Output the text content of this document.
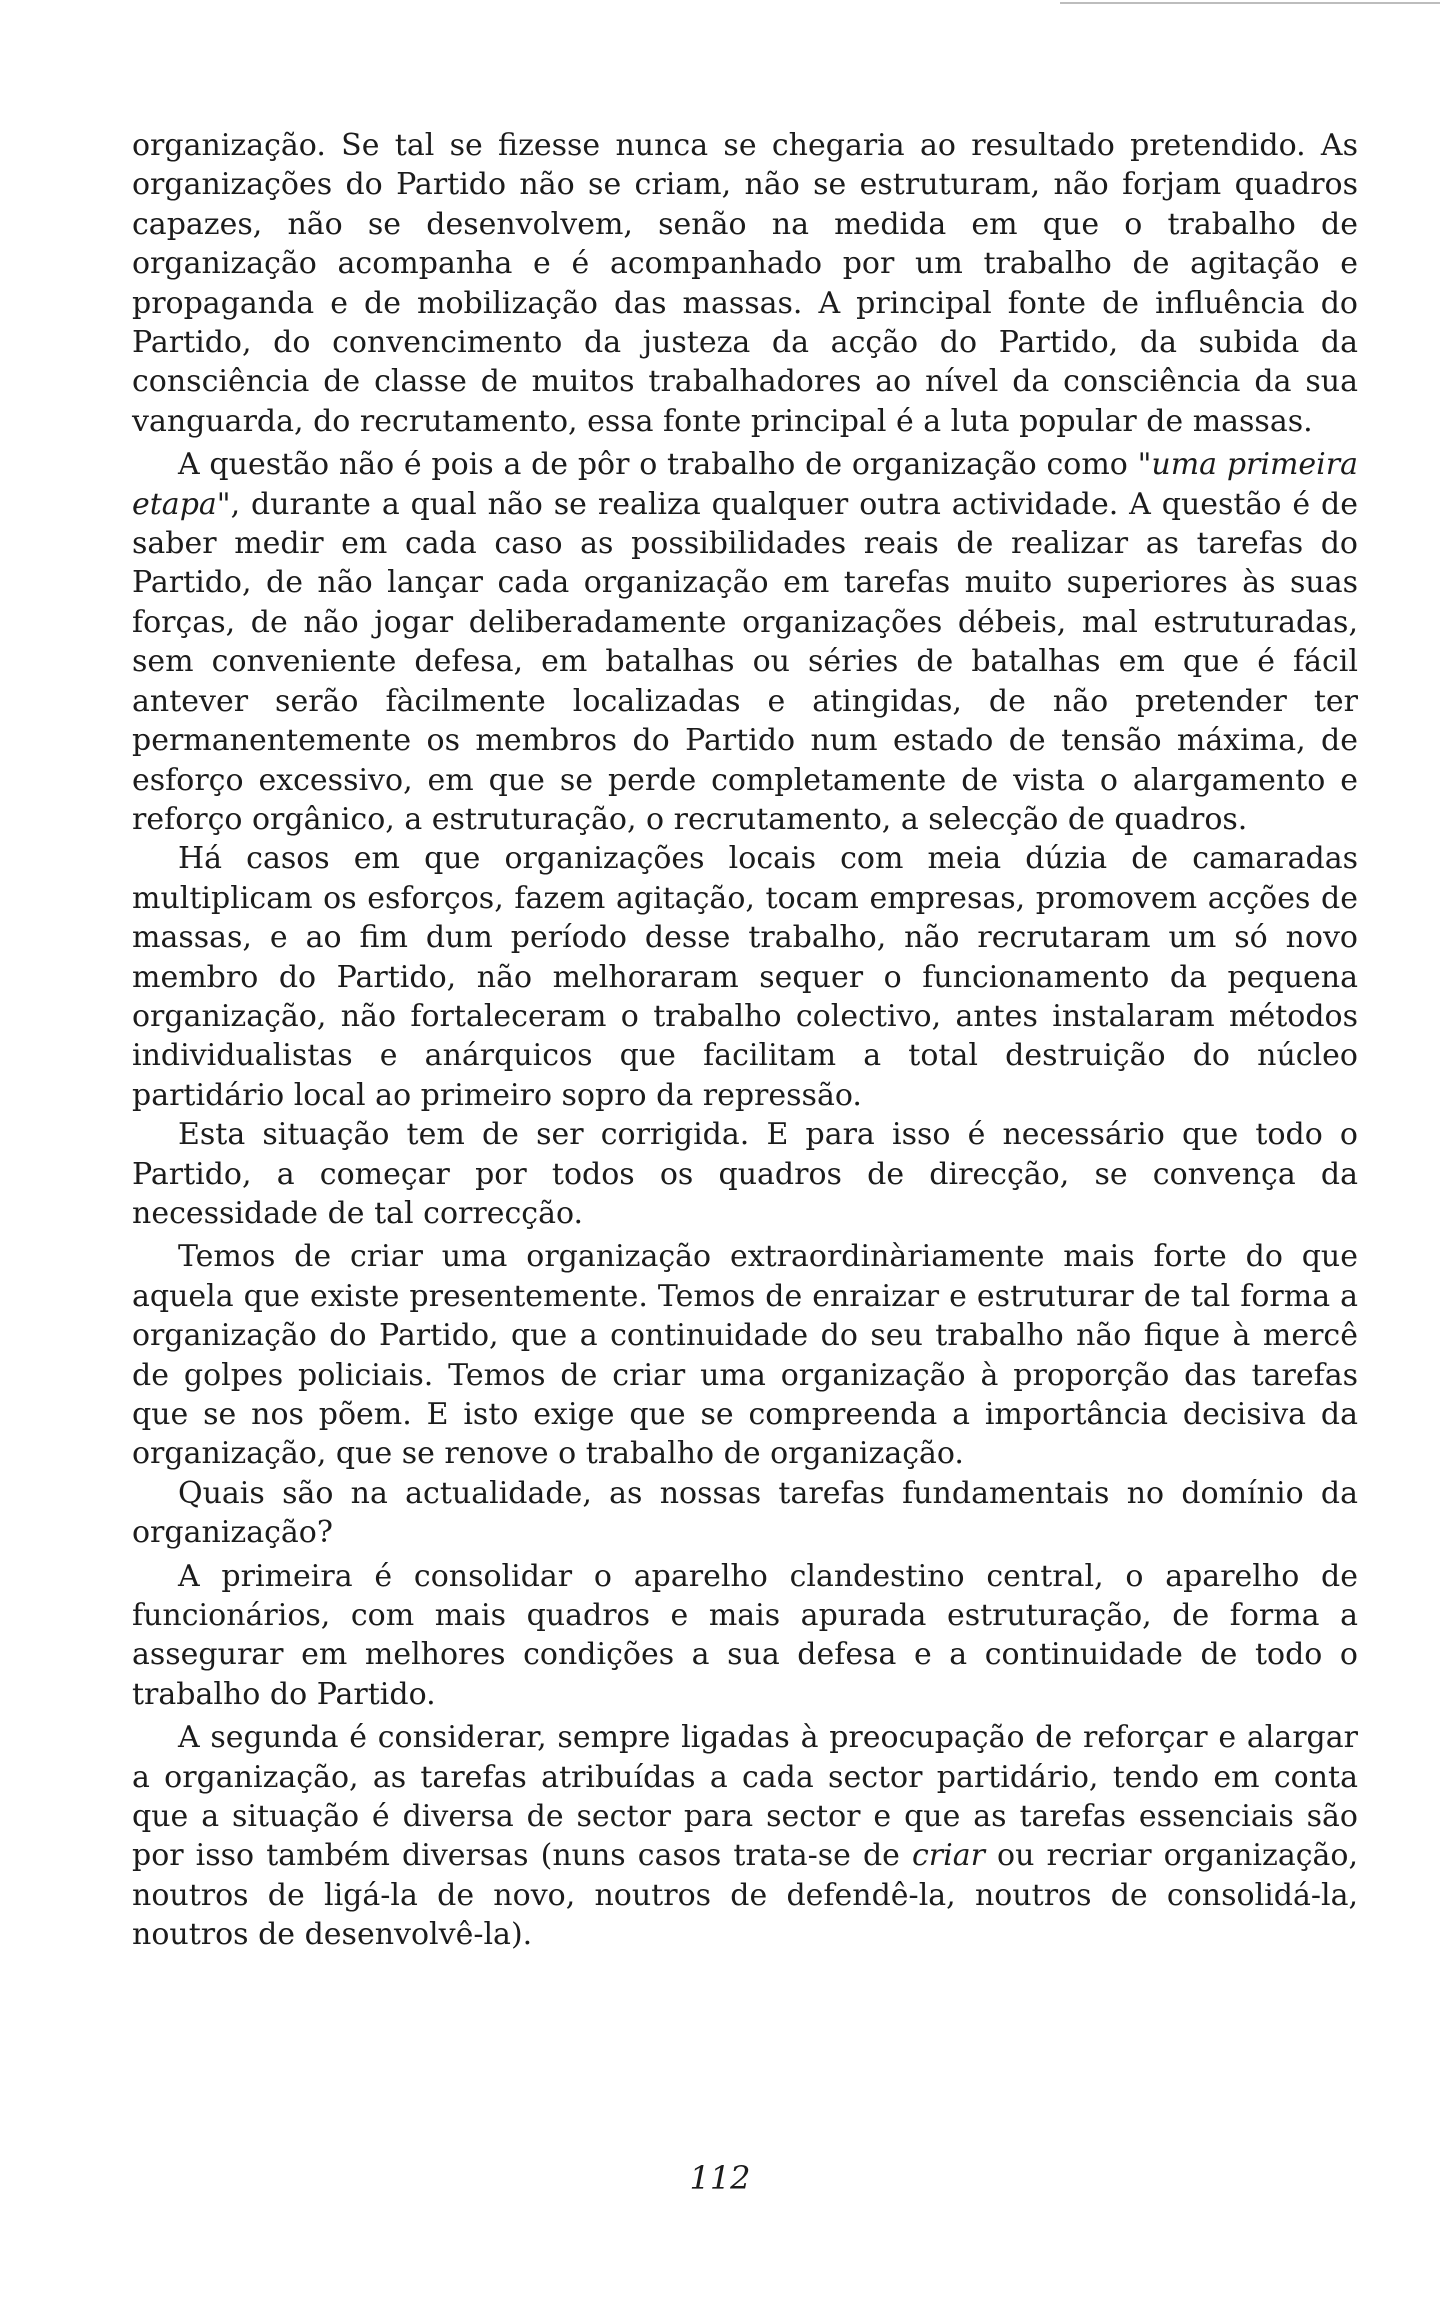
organização. Se tal se fizesse nunca se chegaria ao resultado pretendido. As organizações do Partido não se criam, não se estruturam, não forjam quadros capazes, não se desenvolvem, senão na medida em que o trabalho de organização acompanha e é acompanhado por um trabalho de agitação e propaganda e de mobilização das massas. A principal fonte de influência do Partido, do convencimento da justeza da acção do Partido, da subida da consciência de classe de muitos trabalhadores ao nível da consciência da sua vanguarda, do recrutamento, essa fonte principal é a luta popular de massas.

A questão não é pois a de pôr o trabalho de organização como "uma primeira etapa", durante a qual não se realiza qualquer outra actividade. A questão é de saber medir em cada caso as possibilidades reais de realizar as tarefas do Partido, de não lançar cada organização em tarefas muito superiores às suas forças, de não jogar deliberadamente organizações débeis, mal estruturadas, sem conveniente defesa, em batalhas ou séries de batalhas em que é fácil antever serão fàcilmente localizadas e atingidas, de não pretender ter permanentemente os membros do Partido num estado de tensão máxima, de esforço excessivo, em que se perde completamente de vista o alargamento e reforço orgânico, a estruturação, o recrutamento, a selecção de quadros.

Há casos em que organizações locais com meia dúzia de camaradas multiplicam os esforços, fazem agitação, tocam empresas, promovem acções de massas, e ao fim dum período desse trabalho, não recrutaram um só novo membro do Partido, não melhoraram sequer o funcionamento da pequena organização, não fortaleceram o trabalho colectivo, antes instalaram métodos individualistas e anárquicos que facilitam a total destruição do núcleo partidário local ao primeiro sopro da repressão.

Esta situação tem de ser corrigida. E para isso é necessário que todo o Partido, a começar por todos os quadros de direcção, se convença da necessidade de tal correcção.

Temos de criar uma organização extraordinàriamente mais forte do que aquela que existe presentemente. Temos de enraizar e estruturar de tal forma a organização do Partido, que a continuidade do seu trabalho não fique à mercê de golpes policiais. Temos de criar uma organização à proporção das tarefas que se nos põem. E isto exige que se compreenda a importância decisiva da organização, que se renove o trabalho de organização.

Quais são na actualidade, as nossas tarefas fundamentais no domínio da organização?

A primeira é consolidar o aparelho clandestino central, o aparelho de funcionários, com mais quadros e mais apurada estruturação, de forma a assegurar em melhores condições a sua defesa e a continuidade de todo o trabalho do Partido.

A segunda é considerar, sempre ligadas à preocupação de reforçar e alargar a organização, as tarefas atribuídas a cada sector partidário, tendo em conta que a situação é diversa de sector para sector e que as tarefas essenciais são por isso também diversas (nuns casos trata-se de criar ou recriar organização, noutros de ligá-la de novo, noutros de defendê-la, noutros de consolidá-la, noutros de desenvolvê-la).

112
